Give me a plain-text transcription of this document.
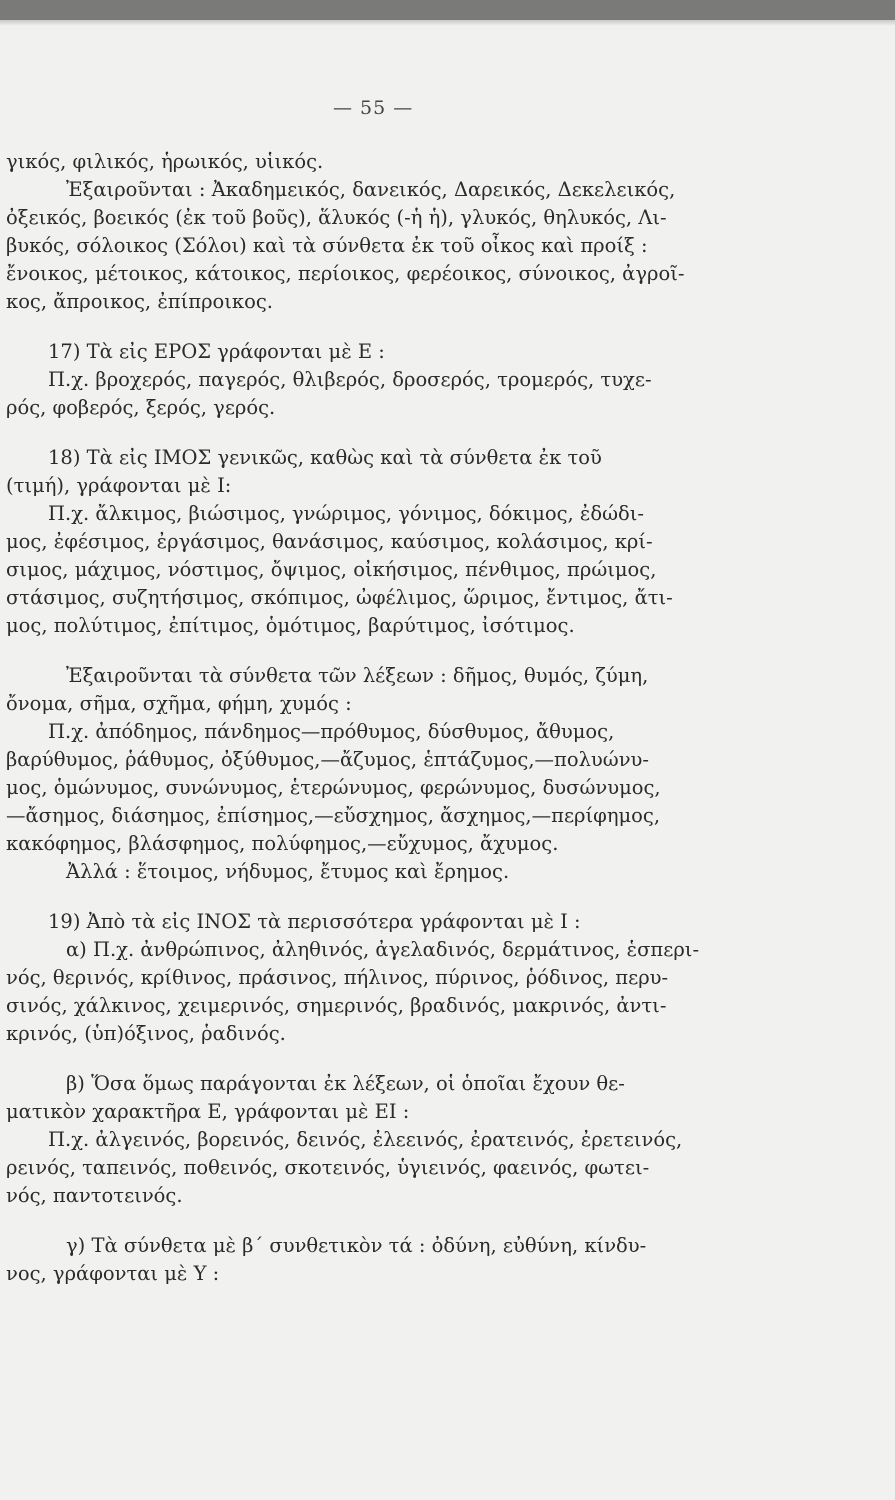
— 55 —
γικός, φιλικός, ἡρωικός, υἱικός.
Ἐξαιροῦνται : Ἀκαδημεικός, δανεικός, Δαρεικός, Δεκελεικός,
ὀξεικός, βοεικός (ἐκ τοῦ βοῦς), ἅλυκός (-ἡ ἡ), γλυκός, θηλυκός, Λι-
βυκός, σόλοικος (Σόλοι) καὶ τὰ σύνθετα ἐκ τοῦ οἶκος καὶ προίξ :
ἔνοικος, μέτοικος, κάτοικος, περίοικος, φερέοικος, σύνοικος, ἀγροῖ-
κος, ἄπροικος, ἐπίπροικος.
17) Τὰ εἰς ΕΡΟΣ γράφονται μὲ Ε :
Π.χ. βροχερός, παγερός, θλιβερός, δροσερός, τρομερός, τυχε-
ρός, φοβερός, ξερός, γερός.
18) Τὰ εἰς ΙΜΟΣ γενικῶς, καθὼς καὶ τὰ σύνθετα ἐκ τοῦ
(τιμή), γράφονται μὲ Ι:
Π.χ. ἄλκιμος, βιώσιμος, γνώριμος, γόνιμος, δόκιμος, ἐδώδι-
μος, ἐφέσιμος, ἐργάσιμος, θανάσιμος, καύσιμος, κολάσιμος, κρί-
σιμος, μάχιμος, νόστιμος, ὄψιμος, οἰκήσιμος, πένθιμος, πρώιμος,
στάσιμος, συζητήσιμος, σκόπιμος, ὠφέλιμος, ὥριμος, ἔντιμος, ἄτι-
μος, πολύτιμος, ἐπίτιμος, ὁμότιμος, βαρύτιμος, ἰσότιμος.
Ἐξαιροῦνται τὰ σύνθετα τῶν λέξεων : δῆμος, θυμός, ζύμη,
ὄνομα, σῆμα, σχῆμα, φήμη, χυμός :
Π.χ. ἀπόδημος, πάνδημος—πρόθυμος, δύσθυμος, ἄθυμος,
βαρύθυμος, ῥάθυμος, ὀξύθυμος,—ἄζυμος, ἑπτάζυμος,—πολυώνυ-
μος, ὁμώνυμος, συνώνυμος, ἑτερώνυμος, φερώνυμος, δυσώνυμος,
—ἄσημος, διάσημος, ἐπίσημος,—εὔσχημος, ἄσχημος,—περίφημος,
κακόφημος, βλάσφημος, πολύφημος,—εὔχυμος, ἄχυμος.
Ἀλλά : ἕτοιμος, νήδυμος, ἔτυμος καὶ ἔρημος.
19) Ἀπὸ τὰ εἰς ΙΝΟΣ τὰ περισσότερα γράφονται μὲ Ι :
α) Π.χ. ἀνθρώπινος, ἀληθινός, ἀγελαδινός, δερμάτινος, ἑσπερι-
νός, θερινός, κρίθινος, πράσινος, πήλινος, πύρινος, ῥόδινος, περυ-
σινός, χάλκινος, χειμερινός, σημερινός, βραδινός, μακρινός, ἀντι-
κρινός, (ὑπ)όξινος, ῥαδινός.
β) Ὅσα ὅμως παράγονται ἐκ λέξεων, οἱ ὁποῖαι ἔχουν θε-
ματικὸν χαρακτῆρα Ε, γράφονται μὲ ΕΙ :
Π.χ. ἀλγεινός, βορεινός, δεινός, ἐλεεινός, ἐρατεινός, ἐρετεινός,
ρεινός, ταπεινός, ποθεινός, σκοτεινός, ὑγιεινός, φαεινός, φωτει-
νός, παντοτεινός.
γ) Τὰ σύνθετα μὲ β´ συνθετικὸν τά : ὀδύνη, εὐθύνη, κίνδυ-
νος, γράφονται μὲ Υ :
